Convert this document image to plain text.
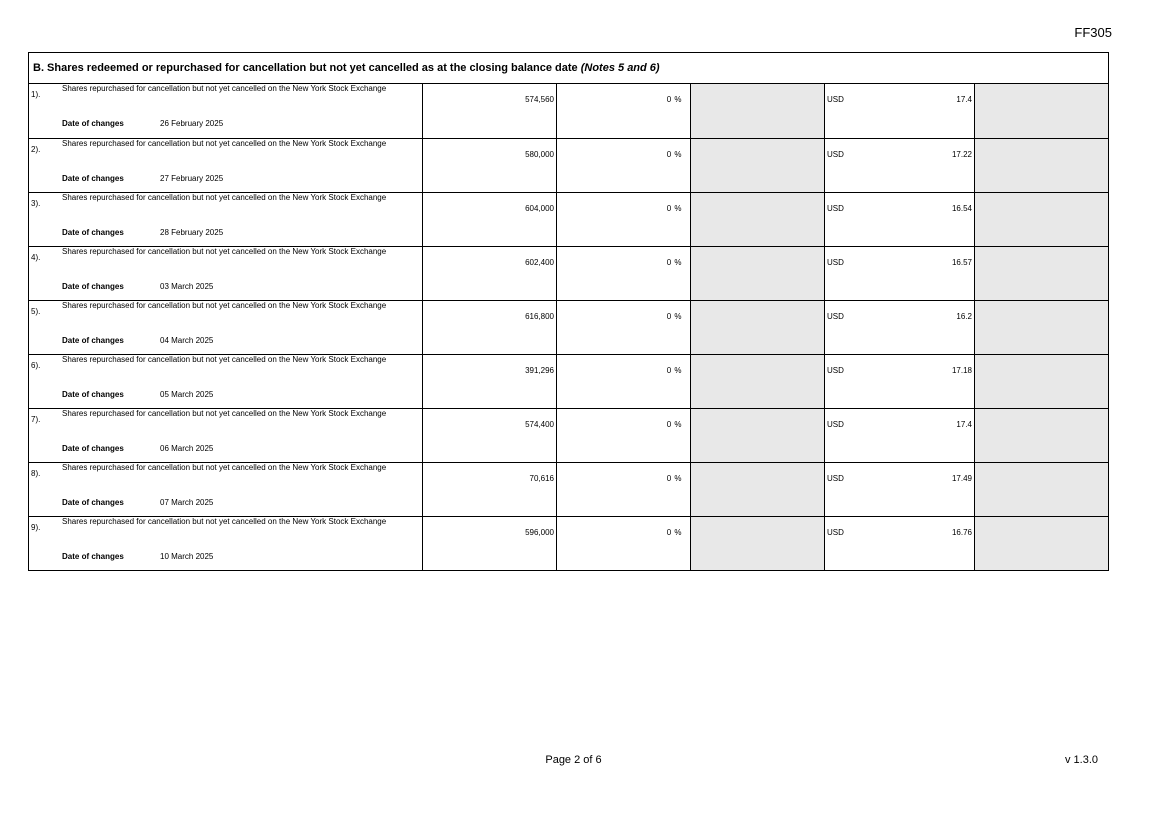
FF305
B. Shares redeemed or repurchased for cancellation but not yet cancelled as at the closing balance date (Notes 5 and 6)
1).
Shares repurchased for cancellation but not yet cancelled on the New York Stock Exchange
Date of changes 26 February 2025	574,560	0 %		USD 17.4	

2).
Shares repurchased for cancellation but not yet cancelled on the New York Stock Exchange
Date of changes 27 February 2025	580,000	0 %		USD 17.22	

3).
Shares repurchased for cancellation but not yet cancelled on the New York Stock Exchange
Date of changes 28 February 2025	604,000	0 %		USD 16.54	

4).
Shares repurchased for cancellation but not yet cancelled on the New York Stock Exchange
Date of changes 03 March 2025	602,400	0 %		USD 16.57	

5).
Shares repurchased for cancellation but not yet cancelled on the New York Stock Exchange
Date of changes 04 March 2025	616,800	0 %		USD 16.2	

6).
Shares repurchased for cancellation but not yet cancelled on the New York Stock Exchange
Date of changes 05 March 2025	391,296	0 %		USD 17.18	

7).
Shares repurchased for cancellation but not yet cancelled on the New York Stock Exchange
Date of changes 06 March 2025	574,400	0 %		USD 17.4	

8).
Shares repurchased for cancellation but not yet cancelled on the New York Stock Exchange
Date of changes 07 March 2025	70,616	0 %		USD 17.49	

9).
Shares repurchased for cancellation but not yet cancelled on the New York Stock Exchange
Date of changes 10 March 2025	596,000	0 %		USD 16.76	

Page 2 of 6	v 1.3.0
